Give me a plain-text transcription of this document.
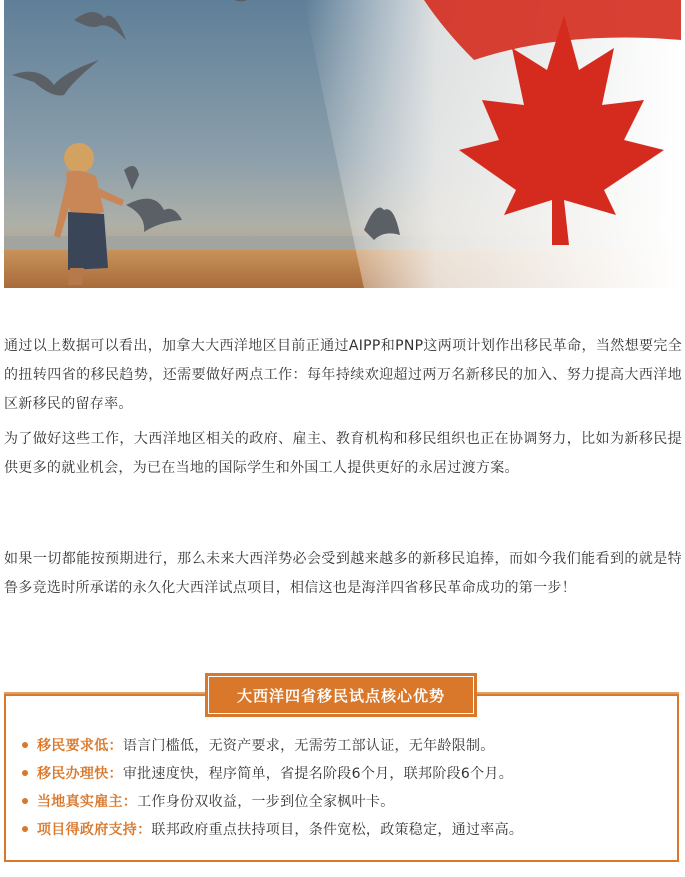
通过以上数据可以看出，加拿大大西洋地区目前正通过AIPP和PNP这两项计划作出移民革命，当然想要完全的扭转四省的移民趋势，还需要做好两点工作：每年持续欢迎超过两万名新移民的加入、努力提高大西洋地区新移民的留存率。

为了做好这些工作，大西洋地区相关的政府、雇主、教育机构和移民组织也正在协调努力，比如为新移民提供更多的就业机会，为已在当地的国际学生和外国工人提供更好的永居过渡方案。

如果一切都能按预期进行，那么未来大西洋势必会受到越来越多的新移民追捧，而如今我们能看到的就是特鲁多竞选时所承诺的永久化大西洋试点项目，相信这也是海洋四省移民革命成功的第一步！

大西洋四省移民试点核心优势
移民要求低：语言门槛低，无资产要求，无需劳工部认证，无年龄限制。
移民办理快：审批速度快，程序简单，省提名阶段6个月，联邦阶段6个月。
当地真实雇主：工作身份双收益，一步到位全家枫叶卡。
项目得政府支持：联邦政府重点扶持项目，条件宽松，政策稳定，通过率高。
